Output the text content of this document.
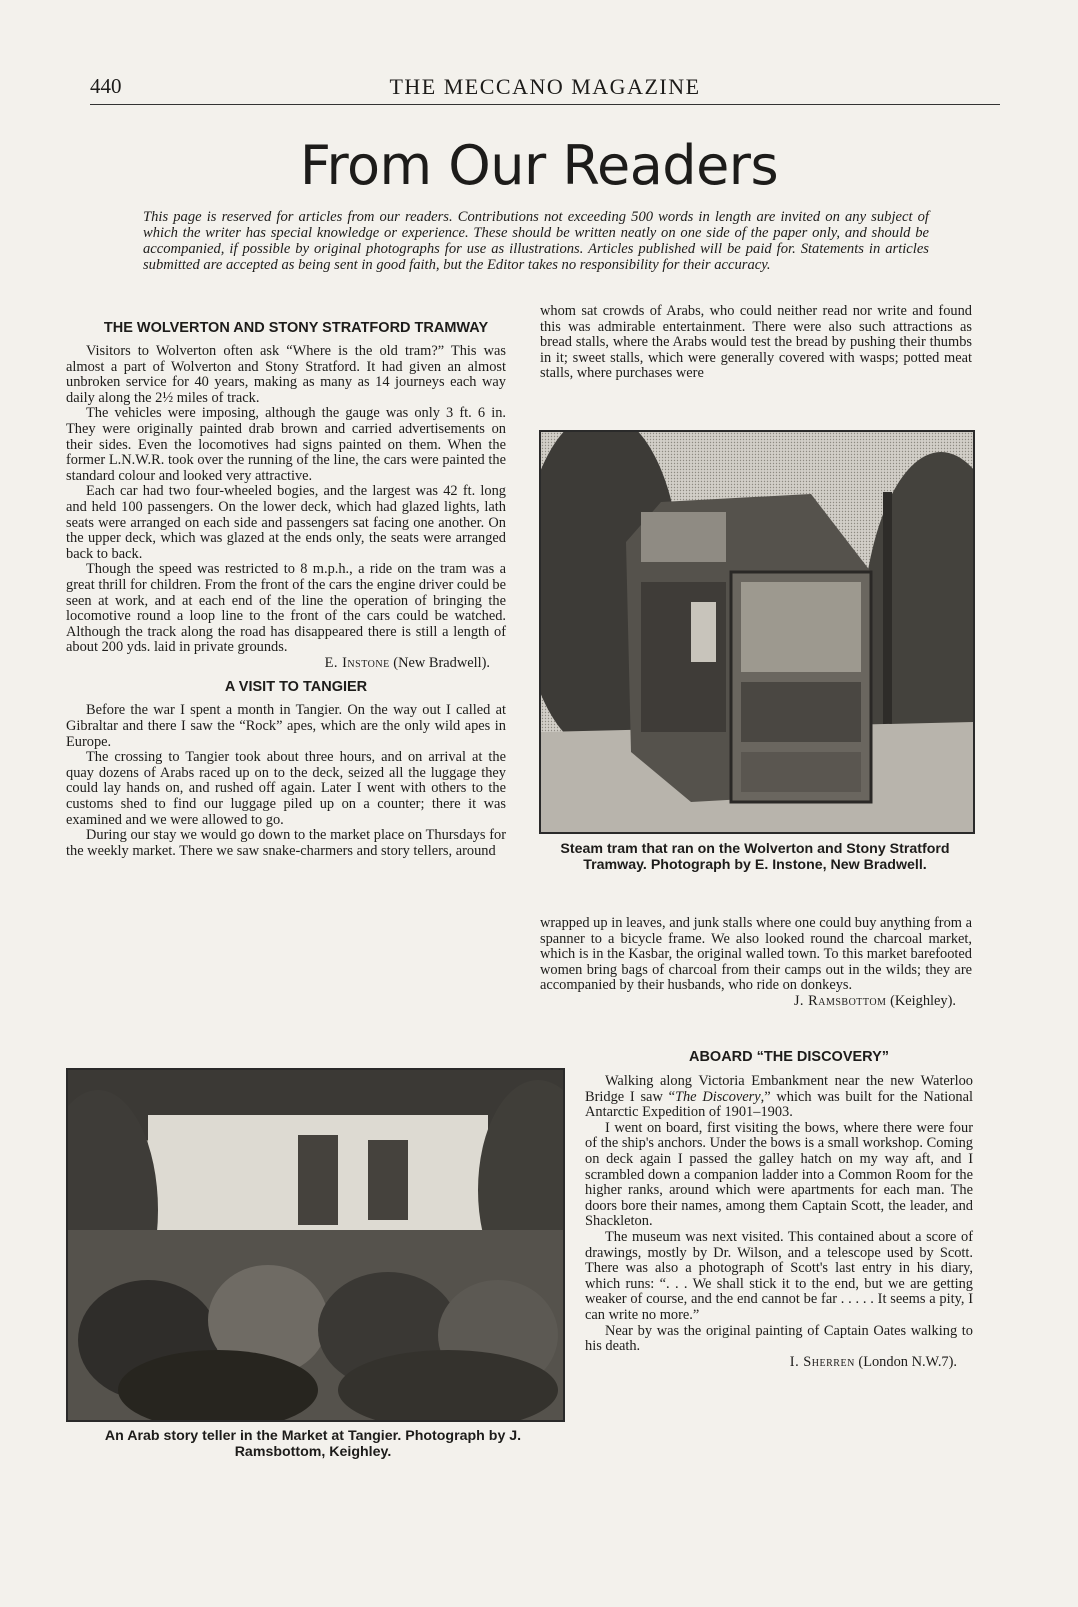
440	THE MECCANO MAGAZINE
From Our Readers
This page is reserved for articles from our readers. Contributions not exceeding 500 words in length are invited on any subject of which the writer has special knowledge or experience. These should be written neatly on one side of the paper only, and should be accompanied, if possible by original photographs for use as illustrations. Articles published will be paid for. Statements in articles submitted are accepted as being sent in good faith, but the Editor takes no responsibility for their accuracy.

THE WOLVERTON AND STONY STRATFORD TRAMWAY

Visitors to Wolverton often ask “Where is the old tram?” This was almost a part of Wolverton and Stony Stratford. It had given an almost unbroken service for 40 years, making as many as 14 journeys each way daily along the 2½ miles of track.

The vehicles were imposing, although the gauge was only 3 ft. 6 in. They were originally painted drab brown and carried advertisements on their sides. Even the locomotives had signs painted on them. When the former L.N.W.R. took over the running of the line, the cars were painted the standard colour and looked very attractive.

Each car had two four-wheeled bogies, and the largest was 42 ft. long and held 100 passengers. On the lower deck, which had glazed lights, lath seats were arranged on each side and passengers sat facing one another. On the upper deck, which was glazed at the ends only, the seats were arranged back to back.

Though the speed was restricted to 8 m.p.h., a ride on the tram was a great thrill for children. From the front of the cars the engine driver could be seen at work, and at each end of the line the operation of bringing the locomotive round a loop line to the front of the cars could be watched. Although the track along the road has disappeared there is still a length of about 200 yds. laid in private grounds.

E. Instone (New Bradwell).

A VISIT TO TANGIER

Before the war I spent a month in Tangier. On the way out I called at Gibraltar and there I saw the “Rock” apes, which are the only wild apes in Europe.

The crossing to Tangier took about three hours, and on arrival at the quay dozens of Arabs raced up on to the deck, seized all the luggage they could lay hands on, and rushed off again. Later I went with others to the customs shed to find our luggage piled up on a counter; there it was examined and we were allowed to go.

During our stay we would go down to the market place on Thursdays for the weekly market. There we saw snake-charmers and story tellers, around

whom sat crowds of Arabs, who could neither read nor write and found this was admirable entertainment. There were also such attractions as bread stalls, where the Arabs would test the bread by pushing their thumbs in it; sweet stalls, which were generally covered with wasps; potted meat stalls, where purchases were

Steam tram that ran on the Wolverton and Stony Stratford Tramway. Photograph by E. Instone, New Bradwell.

wrapped up in leaves, and junk stalls where one could buy anything from a spanner to a bicycle frame. We also looked round the charcoal market, which is in the Kasbar, the original walled town. To this market barefooted women bring bags of charcoal from their camps out in the wilds; they are accompanied by their husbands, who ride on donkeys.

J. Ramsbottom (Keighley).

An Arab story teller in the Market at Tangier. Photograph by J. Ramsbottom, Keighley.

ABOARD “THE DISCOVERY”

Walking along Victoria Embankment near the new Waterloo Bridge I saw “The Discovery,” which was built for the National Antarctic Expedition of 1901–1903.

I went on board, first visiting the bows, where there were four of the ship's anchors. Under the bows is a small workshop. Coming on deck again I passed the galley hatch on my way aft, and I scrambled down a companion ladder into a Common Room for the higher ranks, around which were apartments for each man. The doors bore their names, among them Captain Scott, the leader, and Shackleton.

The museum was next visited. This contained about a score of drawings, mostly by Dr. Wilson, and a telescope used by Scott. There was also a photograph of Scott's last entry in his diary, which runs: “. . . We shall stick it to the end, but we are getting weaker of course, and the end cannot be far . . . . . It seems a pity, I can write no more.”

Near by was the original painting of Captain Oates walking to his death.

I. Sherren (London N.W.7).
